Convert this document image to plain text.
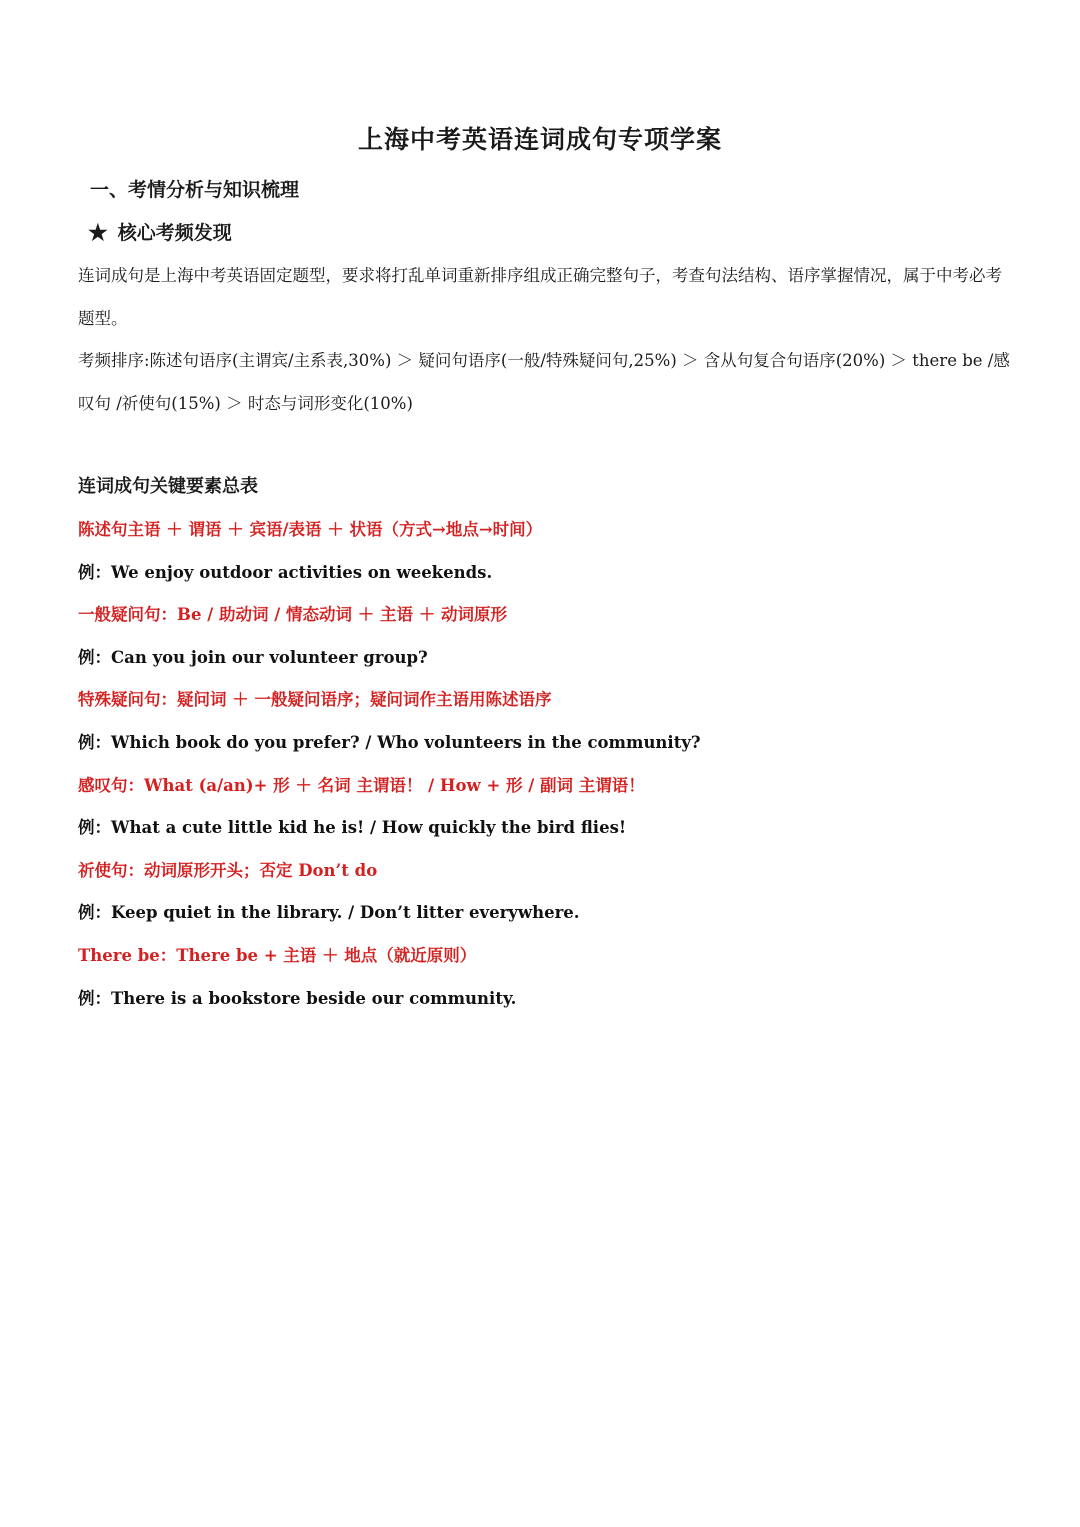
上海中考英语连词成句专项学案
一、考情分析与知识梳理
★ 核心考频发现
连词成句是上海中考英语固定题型，要求将打乱单词重新排序组成正确完整句子，考查句法结构、语序掌握情况，属于中考必考题型。
考频排序:陈述句语序(主谓宾/主系表,30%) ＞ 疑问句语序(一般/特殊疑问句,25%) ＞ 含从句复合句语序(20%) ＞ there be /感叹句 /祈使句(15%) ＞ 时态与词形变化(10%)
连词成句关键要素总表
陈述句主语 ＋ 谓语 ＋ 宾语/表语 ＋ 状语（方式→地点→时间）
例：We enjoy outdoor activities on weekends.
一般疑问句：Be / 助动词 / 情态动词 ＋ 主语 ＋ 动词原形
例：Can you join our volunteer group?
特殊疑问句：疑问词 ＋ 一般疑问语序；疑问词作主语用陈述语序
例：Which book do you prefer? / Who volunteers in the community?
感叹句：What (a/an)+ 形 ＋ 名词 主谓语！ / How + 形 / 副词 主谓语！
例：What a cute little kid he is! / How quickly the bird flies!
祈使句：动词原形开头；否定 Don’t do
例：Keep quiet in the library. / Don’t litter everywhere.
There be：There be + 主语 ＋ 地点（就近原则）
例：There is a bookstore beside our community.
